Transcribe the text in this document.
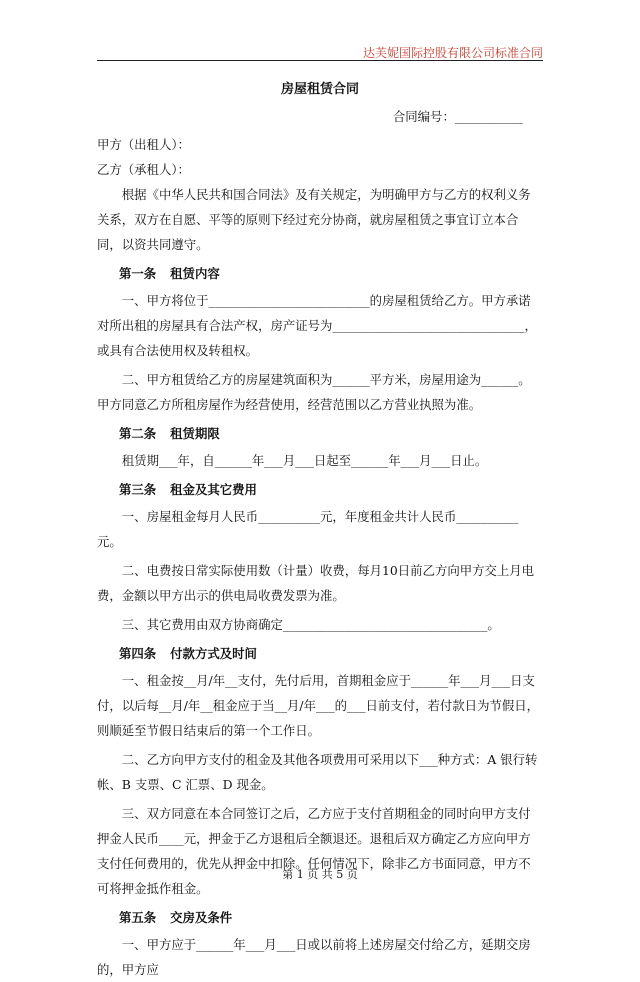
达芙妮国际控股有限公司标准合同
房屋租赁合同
合同编号：___________

甲方（出租人）：

乙方（承租人）：

根据《中华人民共和国合同法》及有关规定，为明确甲方与乙方的权利义务关系，双方在自愿、平等的原则下经过充分协商，就房屋租赁之事宜订立本合同，以资共同遵守。

第一条 租赁内容

一、甲方将位于__________________________的房屋租赁给乙方。甲方承诺对所出租的房屋具有合法产权，房产证号为_______________________________，或具有合法使用权及转租权。

二、甲方租赁给乙方的房屋建筑面积为______平方米，房屋用途为______。甲方同意乙方所租房屋作为经营使用，经营范围以乙方营业执照为准。

第二条 租赁期限

租赁期___年，自______年___月___日起至______年___月___日止。

第三条 租金及其它费用

一、房屋租金每月人民币__________元，年度租金共计人民币__________元。

二、电费按日常实际使用数（计量）收费，每月10日前乙方向甲方交上月电费，金额以甲方出示的供电局收费发票为准。

三、其它费用由双方协商确定_________________________________。

第四条 付款方式及时间

一、租金按__月/年__支付，先付后用，首期租金应于______年___月___日支付，以后每__月/年__租金应于当__月/年___的___日前支付，若付款日为节假日，则顺延至节假日结束后的第一个工作日。

二、乙方向甲方支付的租金及其他各项费用可采用以下___种方式：A 银行转帐、B 支票、C 汇票、D 现金。

三、双方同意在本合同签订之后，乙方应于支付首期租金的同时向甲方支付押金人民币____元，押金于乙方退租后全额退还。退租后双方确定乙方应向甲方支付任何费用的，优先从押金中扣除。任何情况下，除非乙方书面同意，甲方不可将押金抵作租金。

第五条 交房及条件

一、甲方应于______年___月___日或以前将上述房屋交付给乙方，延期交房的，甲方应

第 1 页 共 5 页
